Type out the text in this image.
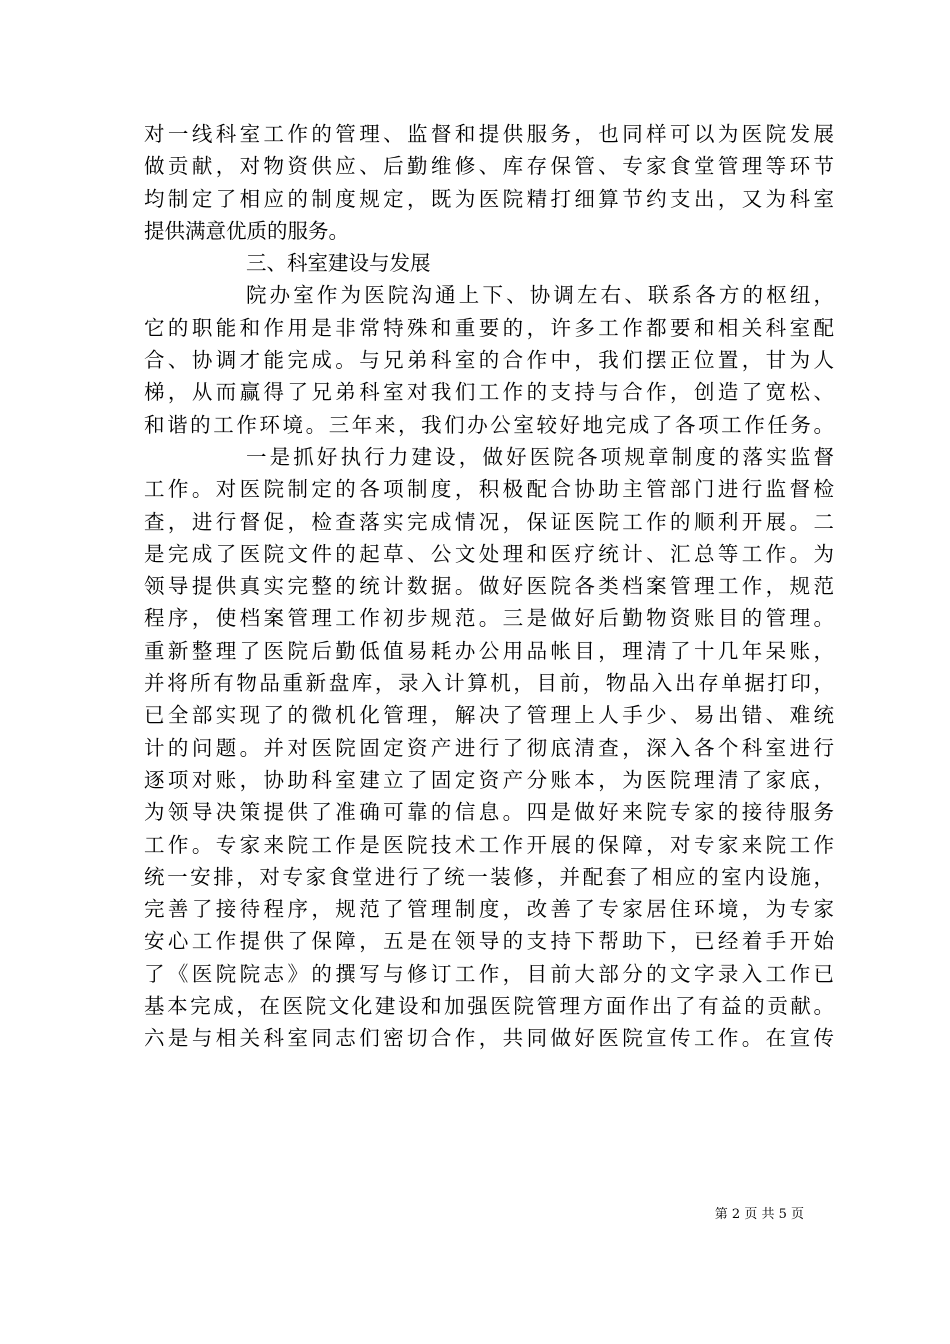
对一线科室工作的管理、监督和提供服务，也同样可以为医院发展
做贡献，对物资供应、后勤维修、库存保管、专家食堂管理等环节
均制定了相应的制度规定，既为医院精打细算节约支出，又为科室
提供满意优质的服务。
三、科室建设与发展
院办室作为医院沟通上下、协调左右、联系各方的枢纽，
它的职能和作用是非常特殊和重要的，许多工作都要和相关科室配
合、协调才能完成。与兄弟科室的合作中，我们摆正位置，甘为人
梯，从而赢得了兄弟科室对我们工作的支持与合作，创造了宽松、
和谐的工作环境。三年来，我们办公室较好地完成了各项工作任务。
一是抓好执行力建设，做好医院各项规章制度的落实监督
工作。对医院制定的各项制度，积极配合协助主管部门进行监督检
查，进行督促，检查落实完成情况，保证医院工作的顺利开展。二
是完成了医院文件的起草、公文处理和医疗统计、汇总等工作。为
领导提供真实完整的统计数据。做好医院各类档案管理工作，规范
程序，使档案管理工作初步规范。三是做好后勤物资账目的管理。
重新整理了医院后勤低值易耗办公用品帐目，理清了十几年呆账，
并将所有物品重新盘库，录入计算机，目前，物品入出存单据打印，
已全部实现了的微机化管理，解决了管理上人手少、易出错、难统
计的问题。并对医院固定资产进行了彻底清查，深入各个科室进行
逐项对账，协助科室建立了固定资产分账本，为医院理清了家底，
为领导决策提供了准确可靠的信息。四是做好来院专家的接待服务
工作。专家来院工作是医院技术工作开展的保障，对专家来院工作
统一安排，对专家食堂进行了统一装修，并配套了相应的室内设施，
完善了接待程序，规范了管理制度，改善了专家居住环境，为专家
安心工作提供了保障，五是在领导的支持下帮助下，已经着手开始
了《医院院志》的撰写与修订工作，目前大部分的文字录入工作已
基本完成，在医院文化建设和加强医院管理方面作出了有益的贡献。
六是与相关科室同志们密切合作，共同做好医院宣传工作。在宣传
第 2 页 共 5 页
